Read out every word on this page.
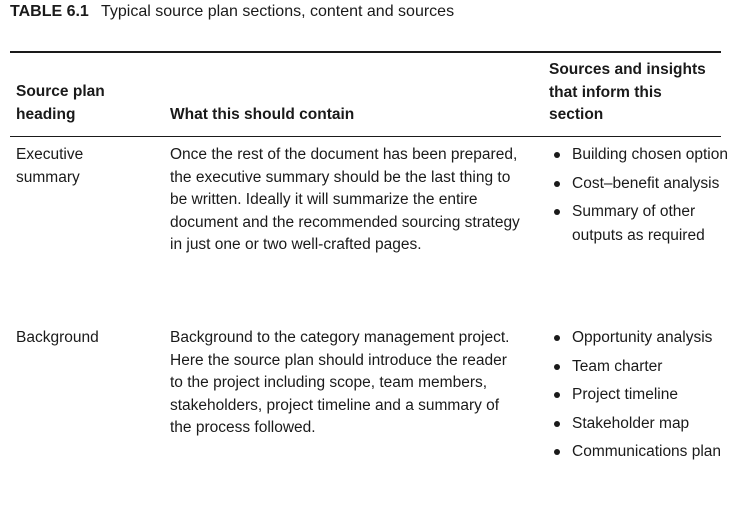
TABLE 6.1 Typical source plan sections, content and sources
Source plan heading	What this should contain
Sources and insights that inform this section
Executive summary
Once the rest of the document has been prepared, the executive summary should be the last thing to be written. Ideally it will summarize the entire document and the recommended sourcing strategy in just one or two well-crafted pages.
Building chosen option
Cost–benefit analysis
Summary of other outputs as required
Background	Background to the category management project. Here the source plan should introduce the reader to the project including scope, team members, stakeholders, project timeline and a summary of the process followed.
Opportunity analysis
Team charter
Project timeline
Stakeholder map
Communications plan
